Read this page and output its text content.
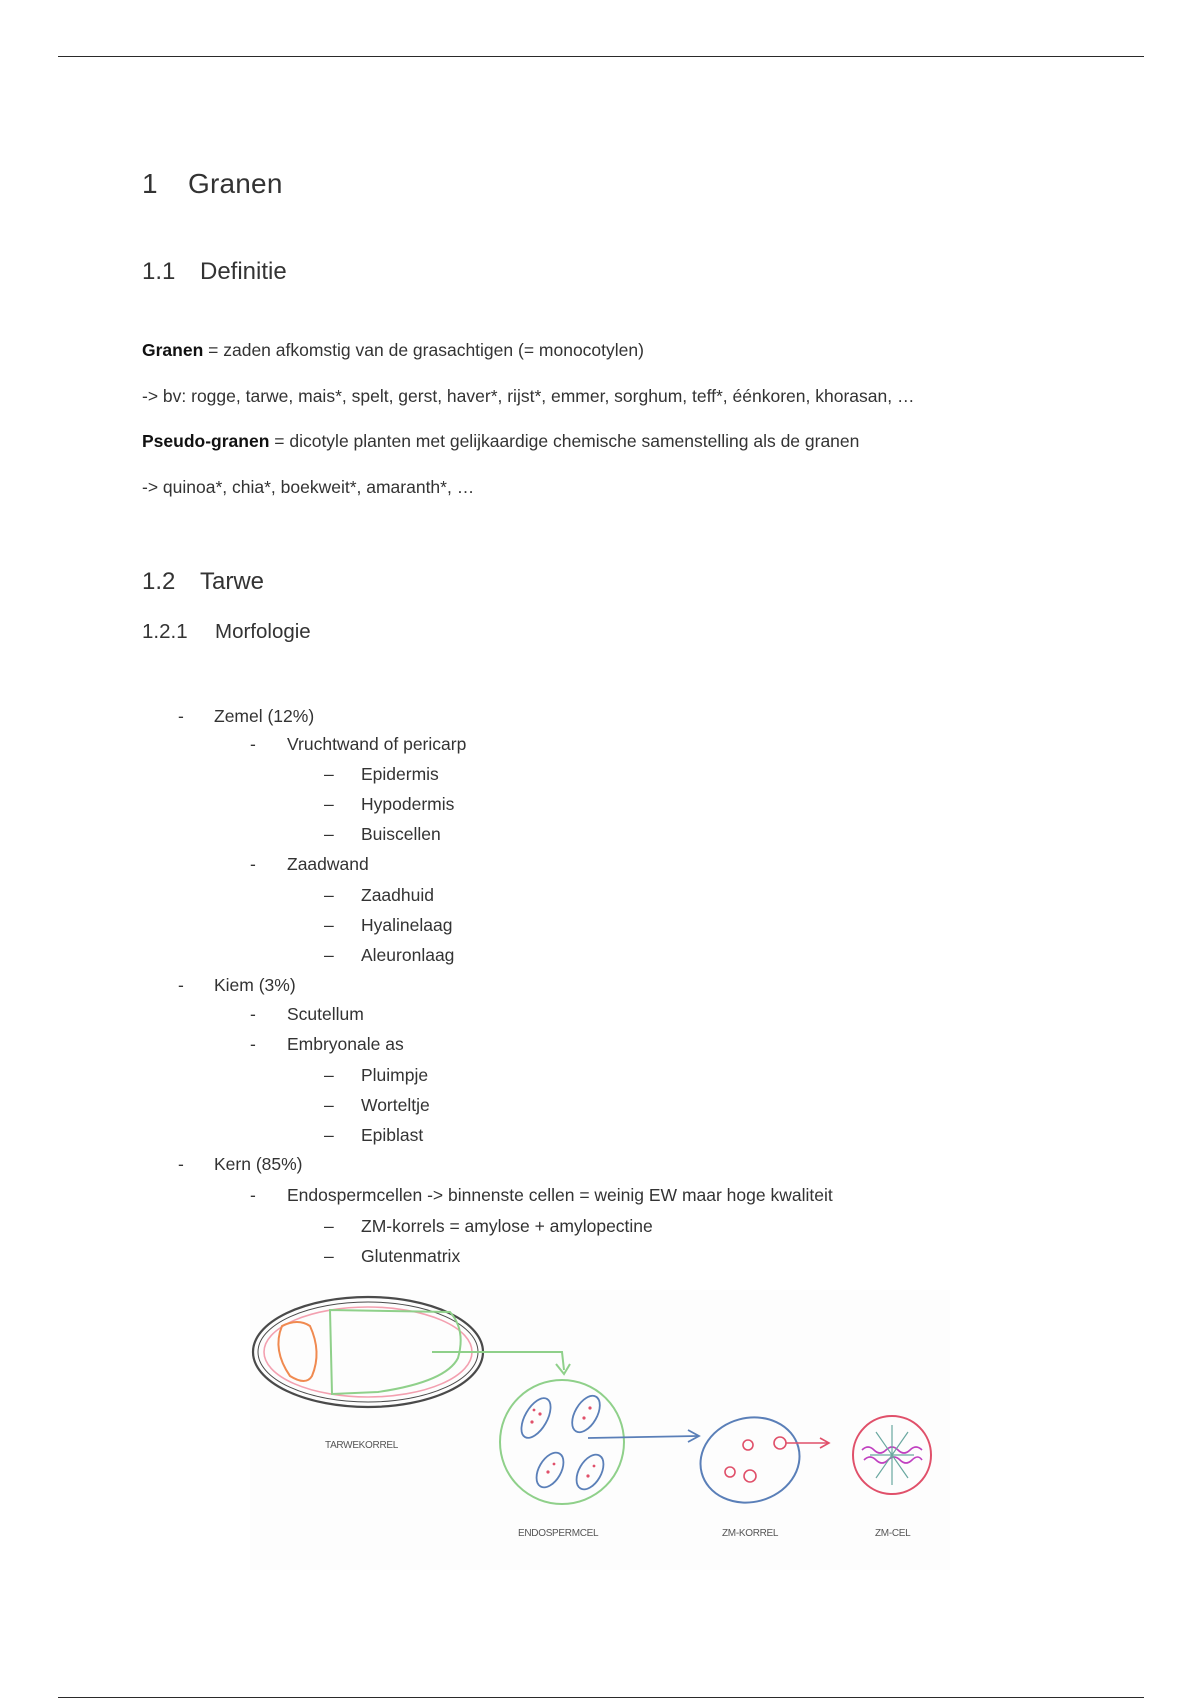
1 Granen
1.1 Definitie
Granen = zaden afkomstig van de grasachtigen (= monocotylen)
-> bv: rogge, tarwe, mais*, spelt, gerst, haver*, rijst*, emmer, sorghum, teff*, éénkoren, khorasan, …
Pseudo-granen = dicotyle planten met gelijkaardige chemische samenstelling als de granen
-> quinoa*, chia*, boekweit*, amaranth*, …
1.2 Tarwe
1.2.1 Morfologie
- Zemel (12%)
- Vruchtwand of pericarp
– Epidermis
– Hypodermis
– Buiscellen
- Zaadwand
– Zaadhuid
– Hyalinelaag
– Aleuronlaag
- Kiem (3%)
- Scutellum
- Embryonale as
– Pluimpje
– Worteltje
– Epiblast
- Kern (85%)
- Endospermcellen -> binnenste cellen = weinig EW maar hoge kwaliteit
– ZM-korrels = amylose + amylopectine
– Glutenmatrix
TARWEKORREL
ENDOSPERMCEL	ZM-KORREL	ZM-CEL
